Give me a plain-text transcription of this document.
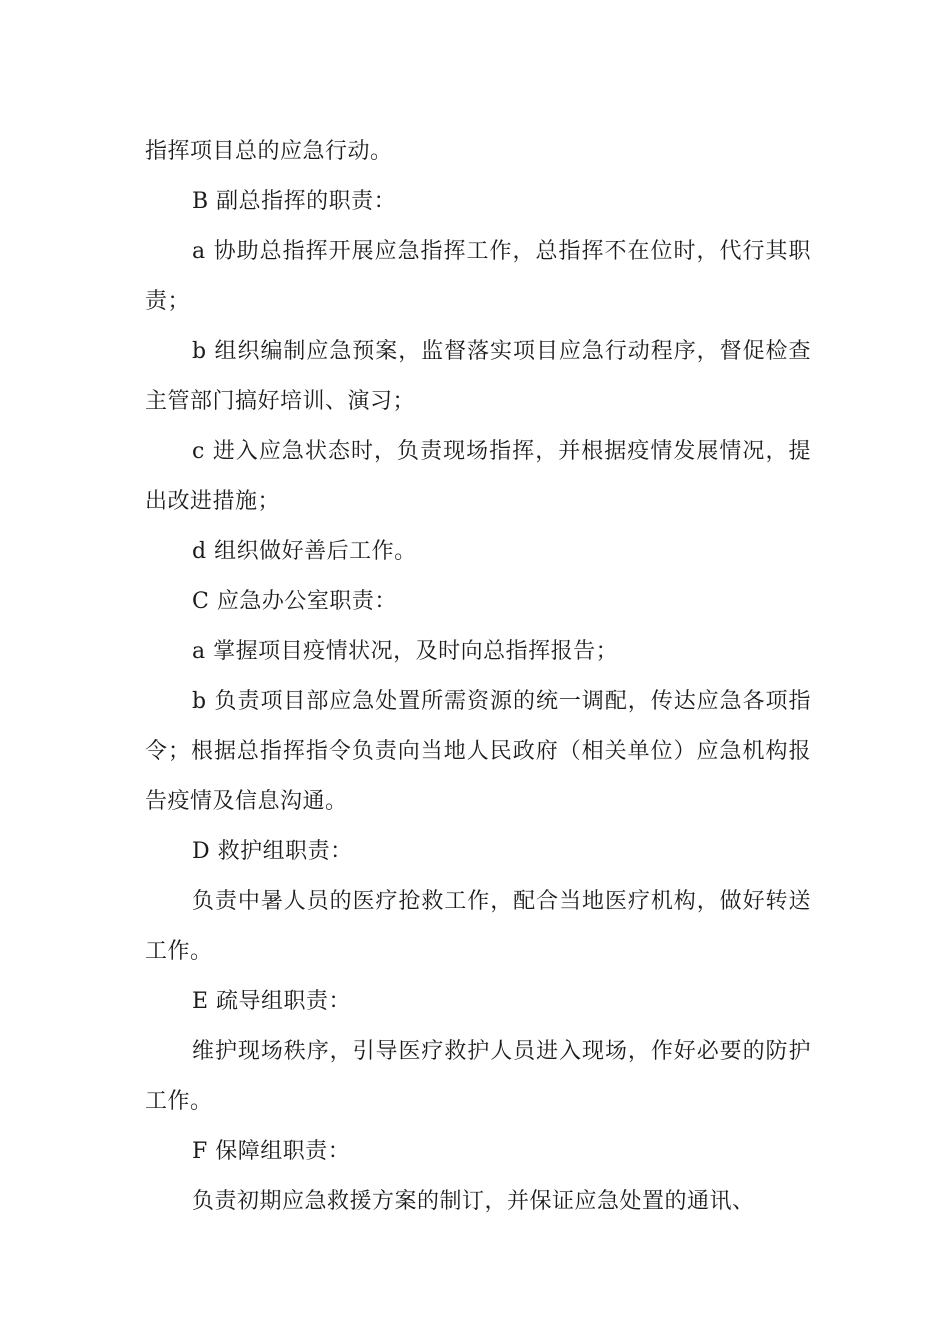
指挥项目总的应急行动。

B 副总指挥的职责：

a 协助总指挥开展应急指挥工作，总指挥不在位时，代行其职责；

b 组织编制应急预案，监督落实项目应急行动程序，督促检查主管部门搞好培训、演习；

c 进入应急状态时，负责现场指挥，并根据疫情发展情况，提出改进措施；

d 组织做好善后工作。

C 应急办公室职责：

a 掌握项目疫情状况，及时向总指挥报告；

b 负责项目部应急处置所需资源的统一调配，传达应急各项指令；根据总指挥指令负责向当地人民政府（相关单位）应急机构报告疫情及信息沟通。

D 救护组职责：

负责中暑人员的医疗抢救工作，配合当地医疗机构，做好转送工作。

E 疏导组职责：

维护现场秩序，引导医疗救护人员进入现场，作好必要的防护工作。

F 保障组职责：

负责初期应急救援方案的制订，并保证应急处置的通讯、
